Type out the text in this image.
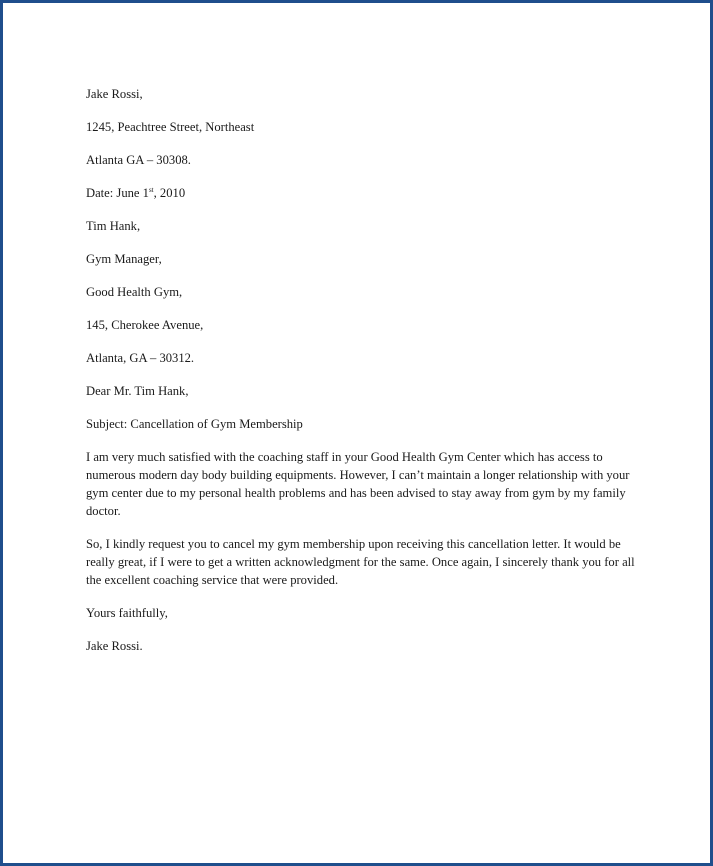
Jake Rossi,
1245, Peachtree Street, Northeast
Atlanta GA – 30308.
Date: June 1st, 2010
Tim Hank,
Gym Manager,
Good Health Gym,
145, Cherokee Avenue,
Atlanta, GA – 30312.
Dear Mr. Tim Hank,
Subject: Cancellation of Gym Membership

I am very much satisfied with the coaching staff in your Good Health Gym Center which has access to numerous modern day body building equipments. However, I can’t maintain a longer relationship with your gym center due to my personal health problems and has been advised to stay away from gym by my family doctor.

So, I kindly request you to cancel my gym membership upon receiving this cancellation letter. It would be really great, if I were to get a written acknowledgment for the same. Once again, I sincerely thank you for all the excellent coaching service that were provided.

Yours faithfully,
Jake Rossi.
